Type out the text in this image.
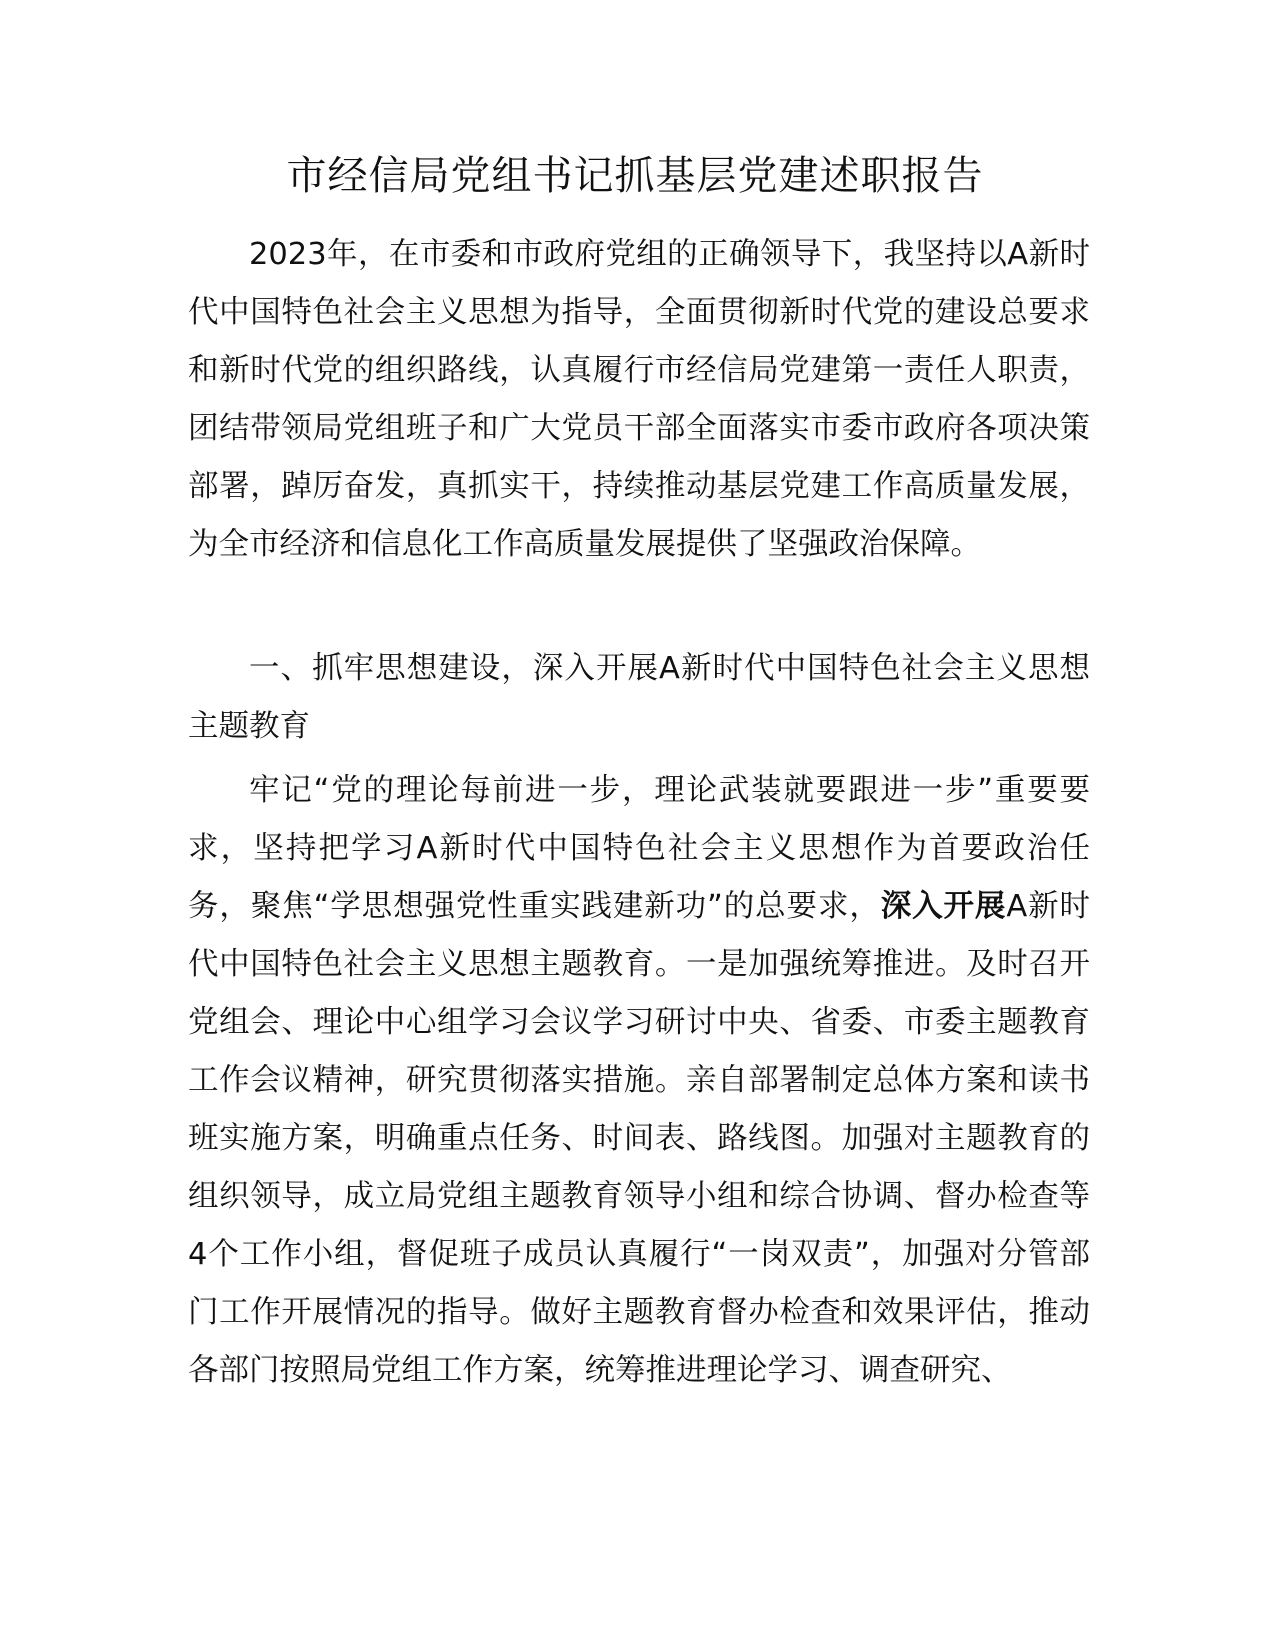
市经信局党组书记抓基层党建述职报告

2023年，在市委和市政府党组的正确领导下，我坚持以A新时代中国特色社会主义思想为指导，全面贯彻新时代党的建设总要求和新时代党的组织路线，认真履行市经信局党建第一责任人职责，团结带领局党组班子和广大党员干部全面落实市委市政府各项决策部署，踔厉奋发，真抓实干，持续推动基层党建工作高质量发展，为全市经济和信息化工作高质量发展提供了坚强政治保障。

一、抓牢思想建设，深入开展A新时代中国特色社会主义思想主题教育

牢记“党的理论每前进一步，理论武装就要跟进一步”重要要求，坚持把学习A新时代中国特色社会主义思想作为首要政治任务，聚焦“学思想强党性重实践建新功”的总要求，深入开展A新时代中国特色社会主义思想主题教育。一是加强统筹推进。及时召开党组会、理论中心组学习会议学习研讨中央、省委、市委主题教育工作会议精神，研究贯彻落实措施。亲自部署制定总体方案和读书班实施方案，明确重点任务、时间表、路线图。加强对主题教育的组织领导，成立局党组主题教育领导小组和综合协调、督办检查等4个工作小组，督促班子成员认真履行“一岗双责”，加强对分管部门工作开展情况的指导。做好主题教育督办检查和效果评估，推动各部门按照局党组工作方案，统筹推进理论学习、调查研究、
